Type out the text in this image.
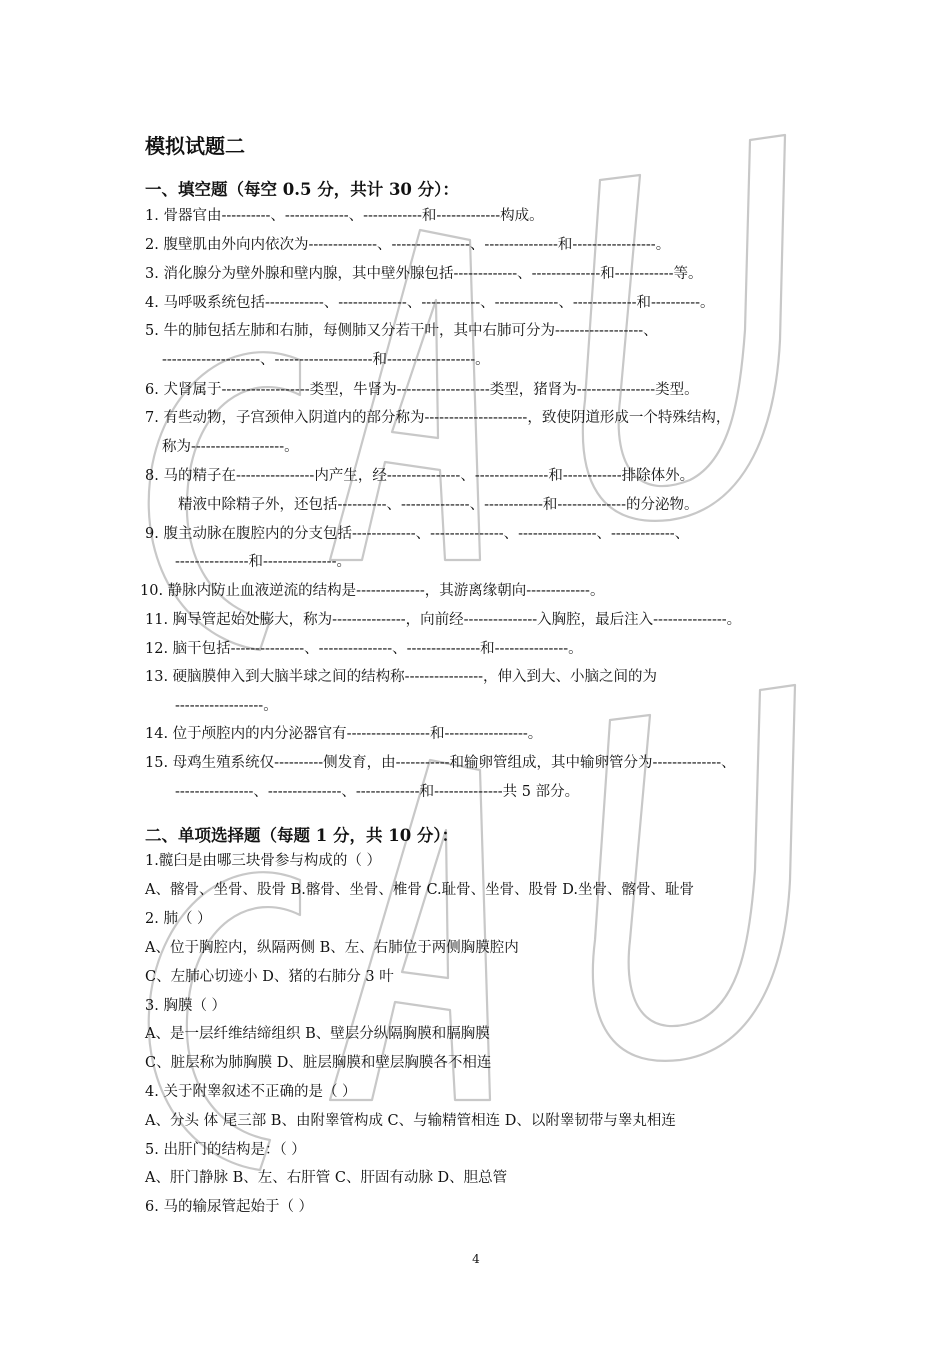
模拟试题二
一、填空题（每空 0.5 分，共计 30 分）：
1. 骨器官由----------、-------------、------------和-------------构成。
2. 腹壁肌由外向内依次为--------------、----------------、---------------和-----------------。
3. 消化腺分为壁外腺和壁内腺，其中壁外腺包括-------------、--------------和------------等。
4. 马呼吸系统包括------------、--------------、------------、-------------、-------------和----------。
5. 牛的肺包括左肺和右肺，每侧肺又分若干叶，其中右肺可分为------------------、
--------------------、--------------------和------------------。
6. 犬肾属于------------------类型，牛肾为-------------------类型，猪肾为----------------类型。
7. 有些动物，子宫颈伸入阴道内的部分称为---------------------，致使阴道形成一个特殊结构，
称为-------------------。
8. 马的精子在----------------内产生，经---------------、---------------和------------排除体外。
精液中除精子外，还包括----------、--------------、------------和--------------的分泌物。
9. 腹主动脉在腹腔内的分支包括-------------、---------------、----------------、-------------、
---------------和---------------。
10. 静脉内防止血液逆流的结构是--------------，其游离缘朝向-------------。
11. 胸导管起始处膨大，称为---------------，向前经---------------入胸腔，最后注入---------------。
12. 脑干包括---------------、---------------、---------------和---------------。
13. 硬脑膜伸入到大脑半球之间的结构称----------------，伸入到大、小脑之间的为
------------------。
14. 位于颅腔内的内分泌器官有-----------------和-----------------。
15. 母鸡生殖系统仅----------侧发育，由-----------和输卵管组成，其中输卵管分为--------------、
----------------、---------------、-------------和--------------共 5 部分。
二、单项选择题（每题 1 分，共 10 分）：
1.髋臼是由哪三块骨参与构成的（ ）
A、髂骨、坐骨、股骨 B.髂骨、坐骨、椎骨 C.耻骨、坐骨、股骨 D.坐骨、髂骨、耻骨
2. 肺（ ）
A、位于胸腔内，纵隔两侧 B、左、右肺位于两侧胸膜腔内
C、左肺心切迹小 D、猪的右肺分 3 叶
3. 胸膜（ ）
A、是一层纤维结缔组织 B、壁层分纵隔胸膜和膈胸膜
C、脏层称为肺胸膜 D、脏层胸膜和壁层胸膜各不相连
4. 关于附睾叙述不正确的是（ ）
A、分头 体 尾三部 B、由附睾管构成 C、与输精管相连 D、以附睾韧带与睾丸相连
5. 出肝门的结构是：（ ）
A、肝门静脉 B、左、右肝管 C、肝固有动脉 D、胆总管
6. 马的输尿管起始于（ ）
4
